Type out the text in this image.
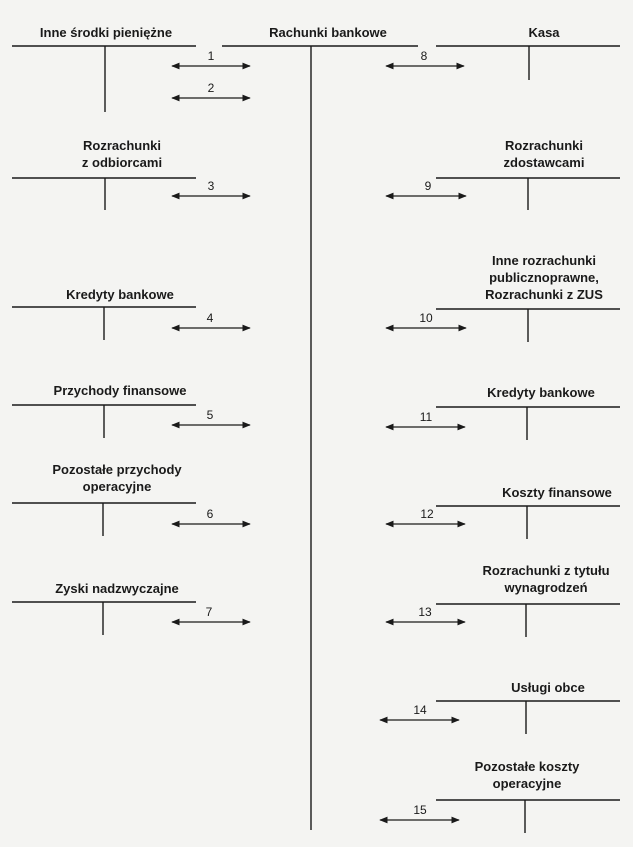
Rachunki bankowe
Inne środki pieniężne
Rozrachunki
z odbiorcami
Kredyty bankowe
Przychody finansowe
Pozostałe przychody
operacyjne
Zyski nadzwyczajne
Kasa
Rozrachunki
zdostawcami
Inne rozrachunki
publicznoprawne,
Rozrachunki z ZUS
Kredyty bankowe
Koszty finansowe
Rozrachunki z tytułu
wynagrodzeń
Usługi obce
Pozostałe koszty
operacyjne
1
2
3
4
5
6
7
8
9
10
11
12
13
14
15
